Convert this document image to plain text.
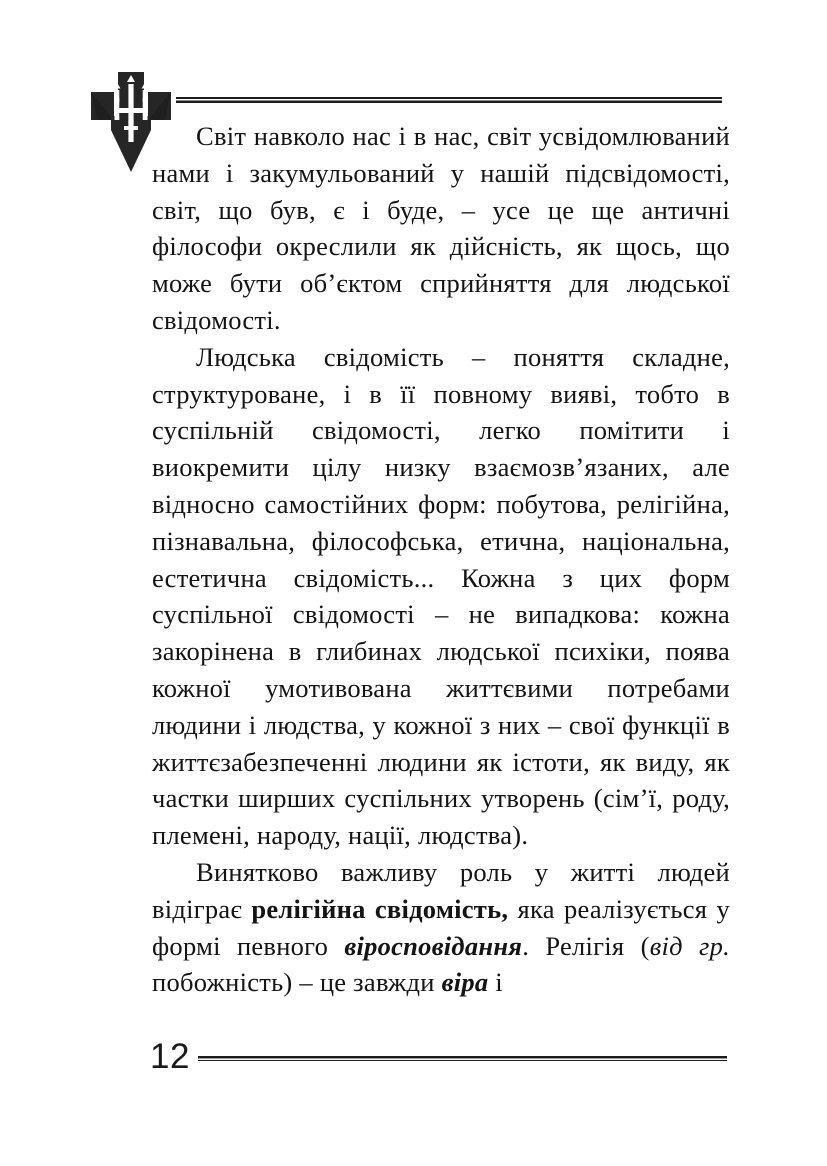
Світ навколо нас і в нас, світ усвідомлюваний нами і закумульований у нашій підсвідомості, світ, що був, є і буде, – усе це ще античні філософи окреслили як дійсність, як щось, що може бути об’єктом сприйняття для людської свідомості.

Людська свідомість – поняття складне, структуроване, і в її повному вияві, тобто в суспільній свідомості, легко помітити і виокремити цілу низку взаємозв’язаних, але відносно самостійних форм: побутова, релігійна, пізнавальна, філософська, етична, національна, естетична свідомість... Кожна з цих форм суспільної свідомості – не випадкова: кожна закорінена в глибинах людської психіки, поява кожної умотивована життєвими потребами людини і людства, у кожної з них – свої функції в життєзабезпеченні людини як істоти, як виду, як частки ширших суспільних утворень (сім’ї, роду, племені, народу, нації, людства).

Винятково важливу роль у житті людей відіграє релігійна свідомість, яка реалізується у формі певного віросповідання. Релігія (від гр. побожність) – це завжди віра і

12
